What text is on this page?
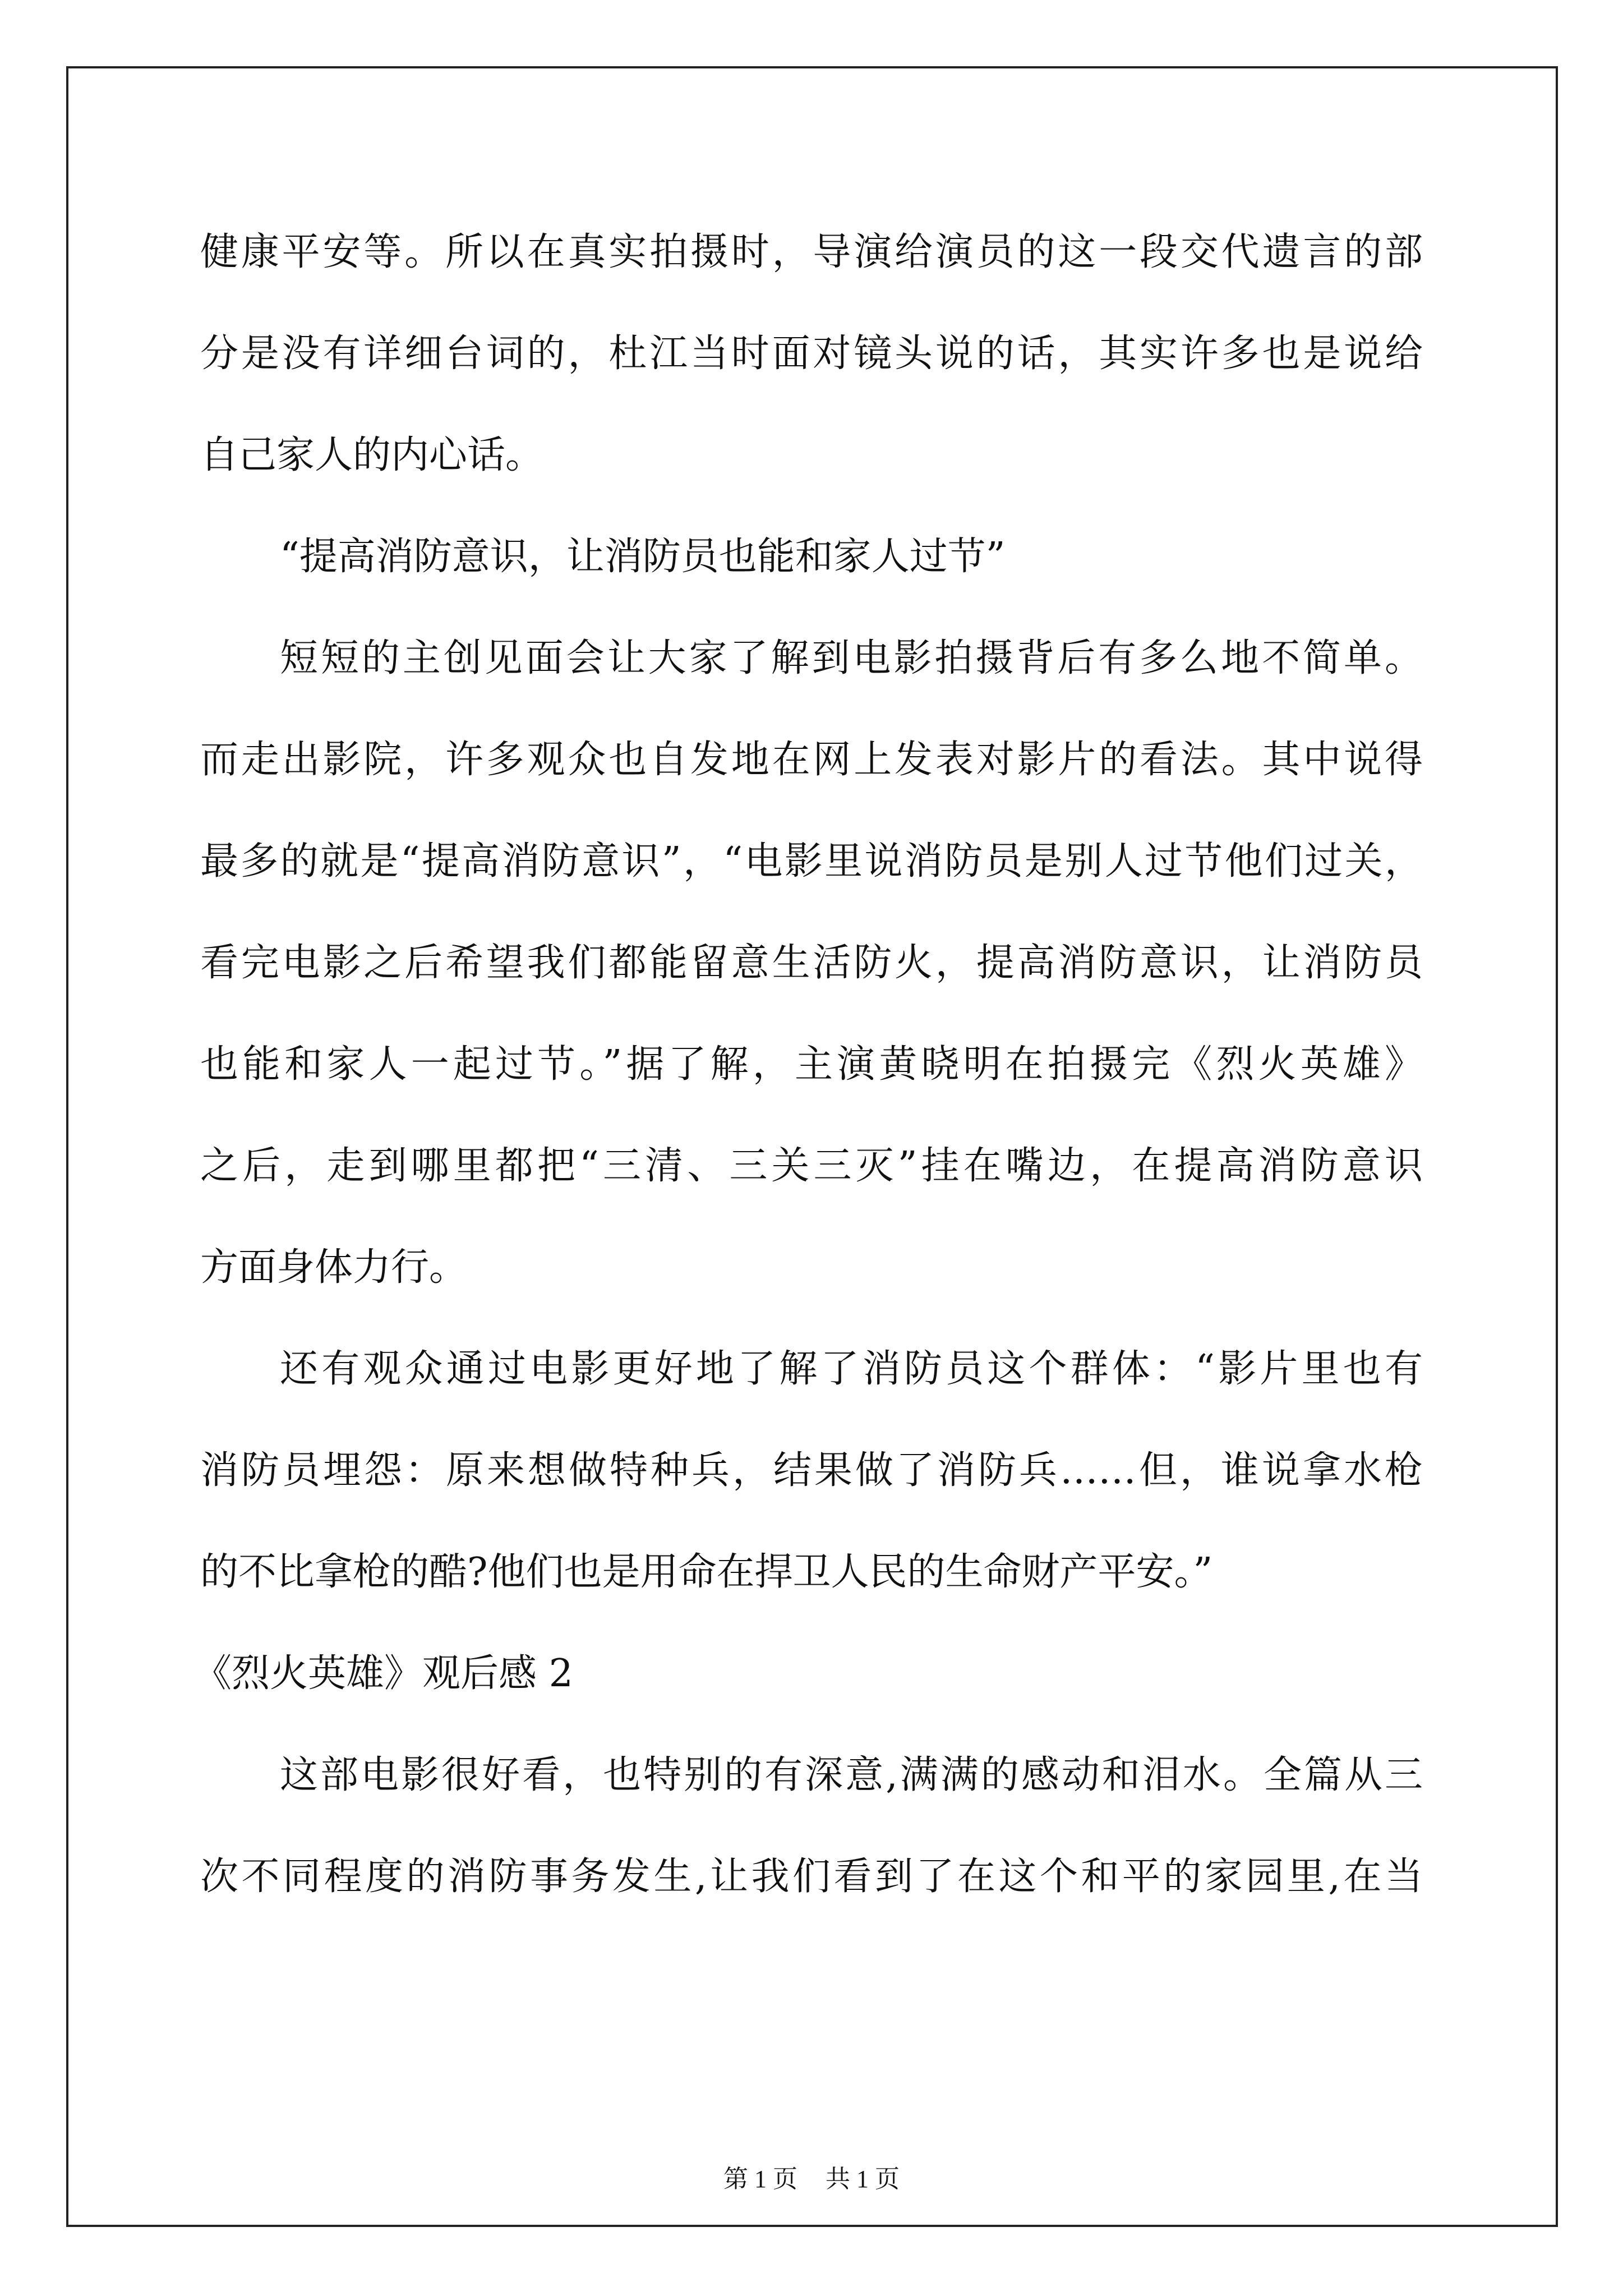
健康平安等。所以在真实拍摄时，导演给演员的这一段交代遗言的部
分是没有详细台词的，杜江当时面对镜头说的话，其实许多也是说给
自己家人的内心话。
“提高消防意识，让消防员也能和家人过节”
短短的主创见面会让大家了解到电影拍摄背后有多么地不简单。
而走出影院，许多观众也自发地在网上发表对影片的看法。其中说得
最多的就是“提高消防意识”，“电影里说消防员是别人过节他们过关，
看完电影之后希望我们都能留意生活防火，提高消防意识，让消防员
也能和家人一起过节。”据了解，主演黄晓明在拍摄完《烈火英雄》
之后，走到哪里都把“三清、三关三灭”挂在嘴边，在提高消防意识
方面身体力行。
还有观众通过电影更好地了解了消防员这个群体：“影片里也有
消防员埋怨：原来想做特种兵，结果做了消防兵……但，谁说拿水枪
的不比拿枪的酷?他们也是用命在捍卫人民的生命财产平安。”
《烈火英雄》观后感 2
这部电影很好看，也特别的有深意,满满的感动和泪水。全篇从三
次不同程度的消防事务发生,让我们看到了在这个和平的家园里,在当
第 1 页 共 1 页
